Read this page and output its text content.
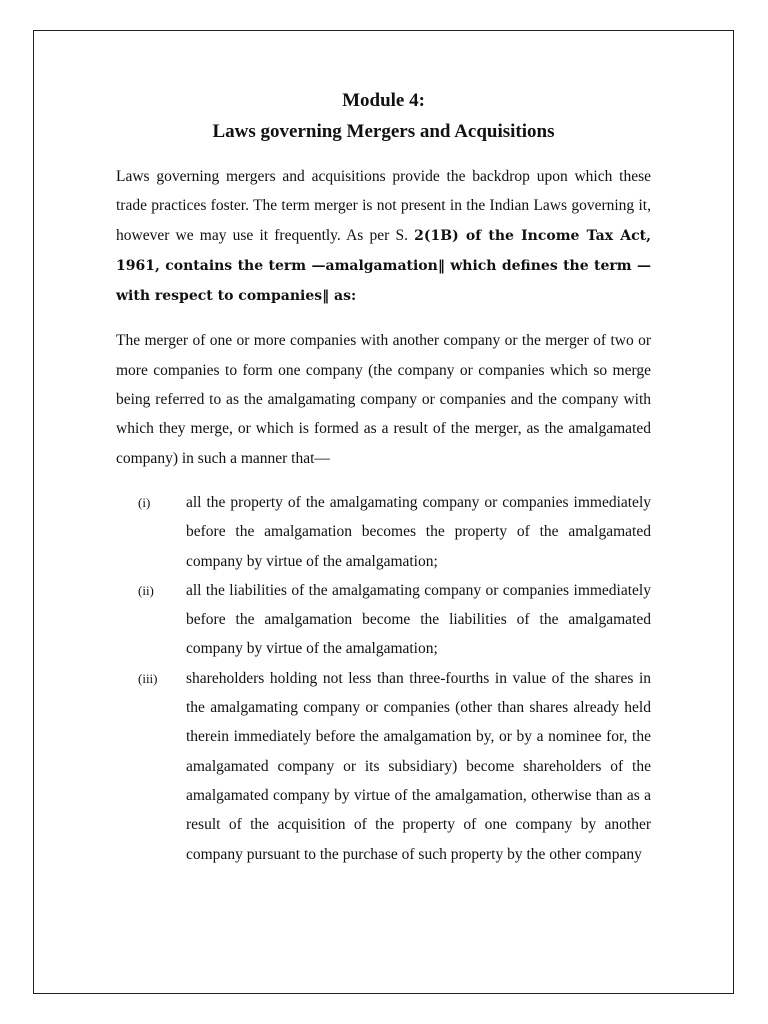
Module 4:
Laws governing Mergers and Acquisitions

Laws governing mergers and acquisitions provide the backdrop upon which these trade practices foster. The term merger is not present in the Indian Laws governing it, however we may use it frequently. As per S. 2(1B) of the Income Tax Act, 1961, contains the term —amalgamation‖ which defines the term —with respect to companies‖ as:

The merger of one or more companies with another company or the merger of two or more companies to form one company (the company or companies which so merge being referred to as the amalgamating company or companies and the company with which they merge, or which is formed as a result of the merger, as the amalgamated company) in such a manner that—

(i)	all the property of the amalgamating company or companies immediately before the amalgamation becomes the property of the amalgamated company by virtue of the amalgamation;

(ii)	all the liabilities of the amalgamating company or companies immediately before the amalgamation become the liabilities of the amalgamated company by virtue of the amalgamation;

(iii)	shareholders holding not less than three-fourths in value of the shares in the amalgamating company or companies (other than shares already held therein immediately before the amalgamation by, or by a nominee for, the amalgamated company or its subsidiary) become shareholders of the amalgamated company by virtue of the amalgamation, otherwise than as a result of the acquisition of the property of one company by another company pursuant to the purchase of such property by the other company
